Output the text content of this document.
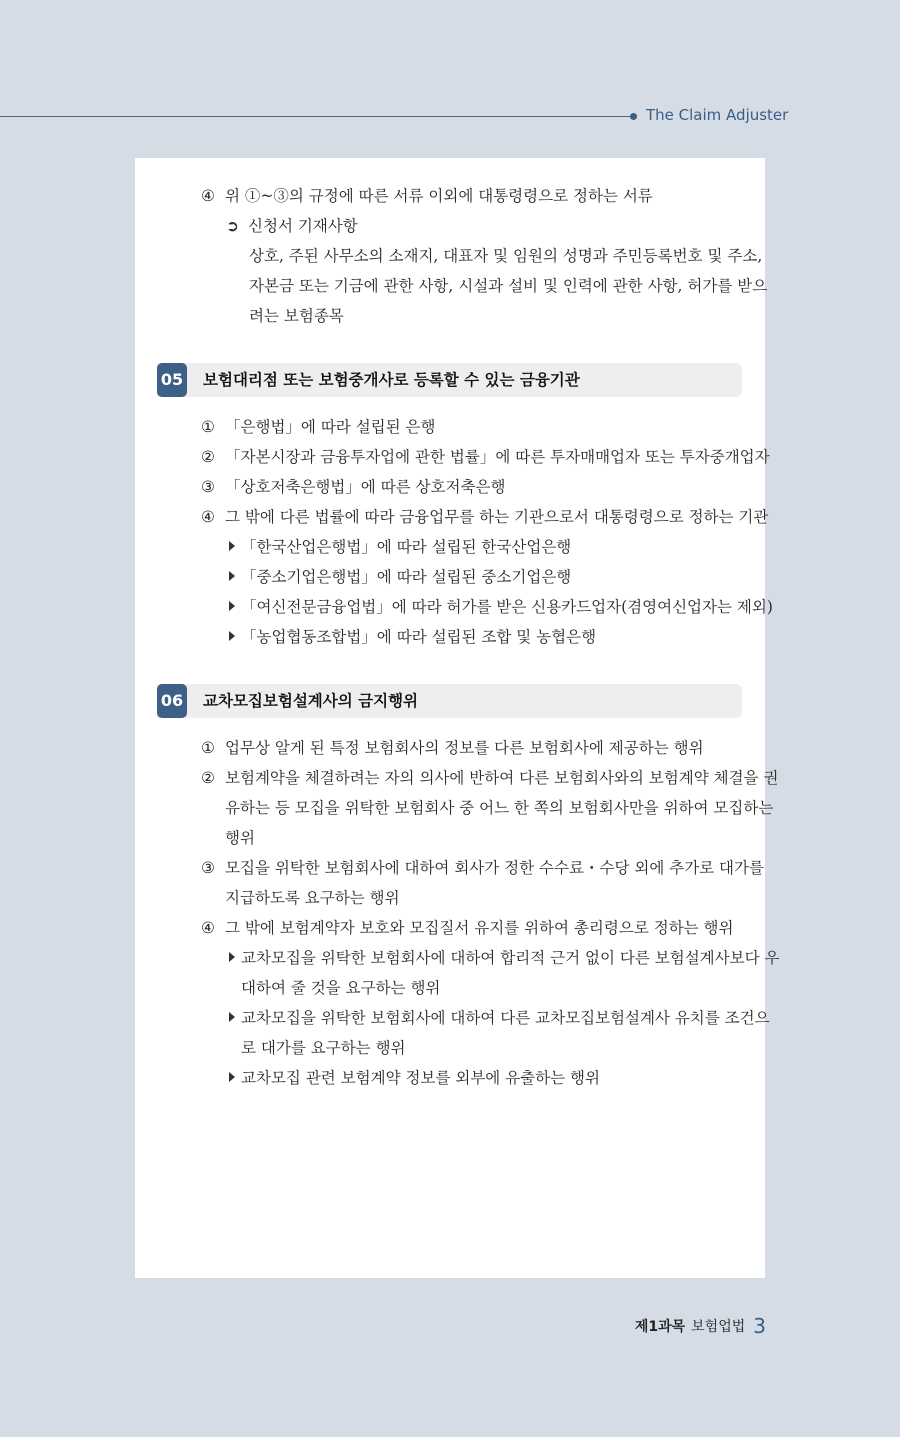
The Claim Adjuster
④ 위 ①~③의 규정에 따른 서류 이외에 대통령령으로 정하는 서류
➲ 신청서 기재사항
상호, 주된 사무소의 소재지, 대표자 및 임원의 성명과 주민등록번호 및 주소,
자본금 또는 기금에 관한 사항, 시설과 설비 및 인력에 관한 사항, 허가를 받으
려는 보험종목
05 보험대리점 또는 보험중개사로 등록할 수 있는 금융기관
① 「은행법」에 따라 설립된 은행
② 「자본시장과 금융투자업에 관한 법률」에 따른 투자매매업자 또는 투자중개업자
③ 「상호저축은행법」에 따른 상호저축은행
④ 그 밖에 다른 법률에 따라 금융업무를 하는 기관으로서 대통령령으로 정하는 기관
「한국산업은행법」에 따라 설립된 한국산업은행
「중소기업은행법」에 따라 설립된 중소기업은행
「여신전문금융업법」에 따라 허가를 받은 신용카드업자(겸영여신업자는 제외)
「농업협동조합법」에 따라 설립된 조합 및 농협은행
06 교차모집보험설계사의 금지행위
① 업무상 알게 된 특정 보험회사의 정보를 다른 보험회사에 제공하는 행위
② 보험계약을 체결하려는 자의 의사에 반하여 다른 보험회사와의 보험계약 체결을 권
유하는 등 모집을 위탁한 보험회사 중 어느 한 쪽의 보험회사만을 위하여 모집하는
행위
③ 모집을 위탁한 보험회사에 대하여 회사가 정한 수수료・수당 외에 추가로 대가를
지급하도록 요구하는 행위
④ 그 밖에 보험계약자 보호와 모집질서 유지를 위하여 총리령으로 정하는 행위
교차모집을 위탁한 보험회사에 대하여 합리적 근거 없이 다른 보험설계사보다 우
대하여 줄 것을 요구하는 행위
교차모집을 위탁한 보험회사에 대하여 다른 교차모집보험설계사 유치를 조건으
로 대가를 요구하는 행위
교차모집 관련 보험계약 정보를 외부에 유출하는 행위
제1과목 보험업법 3
